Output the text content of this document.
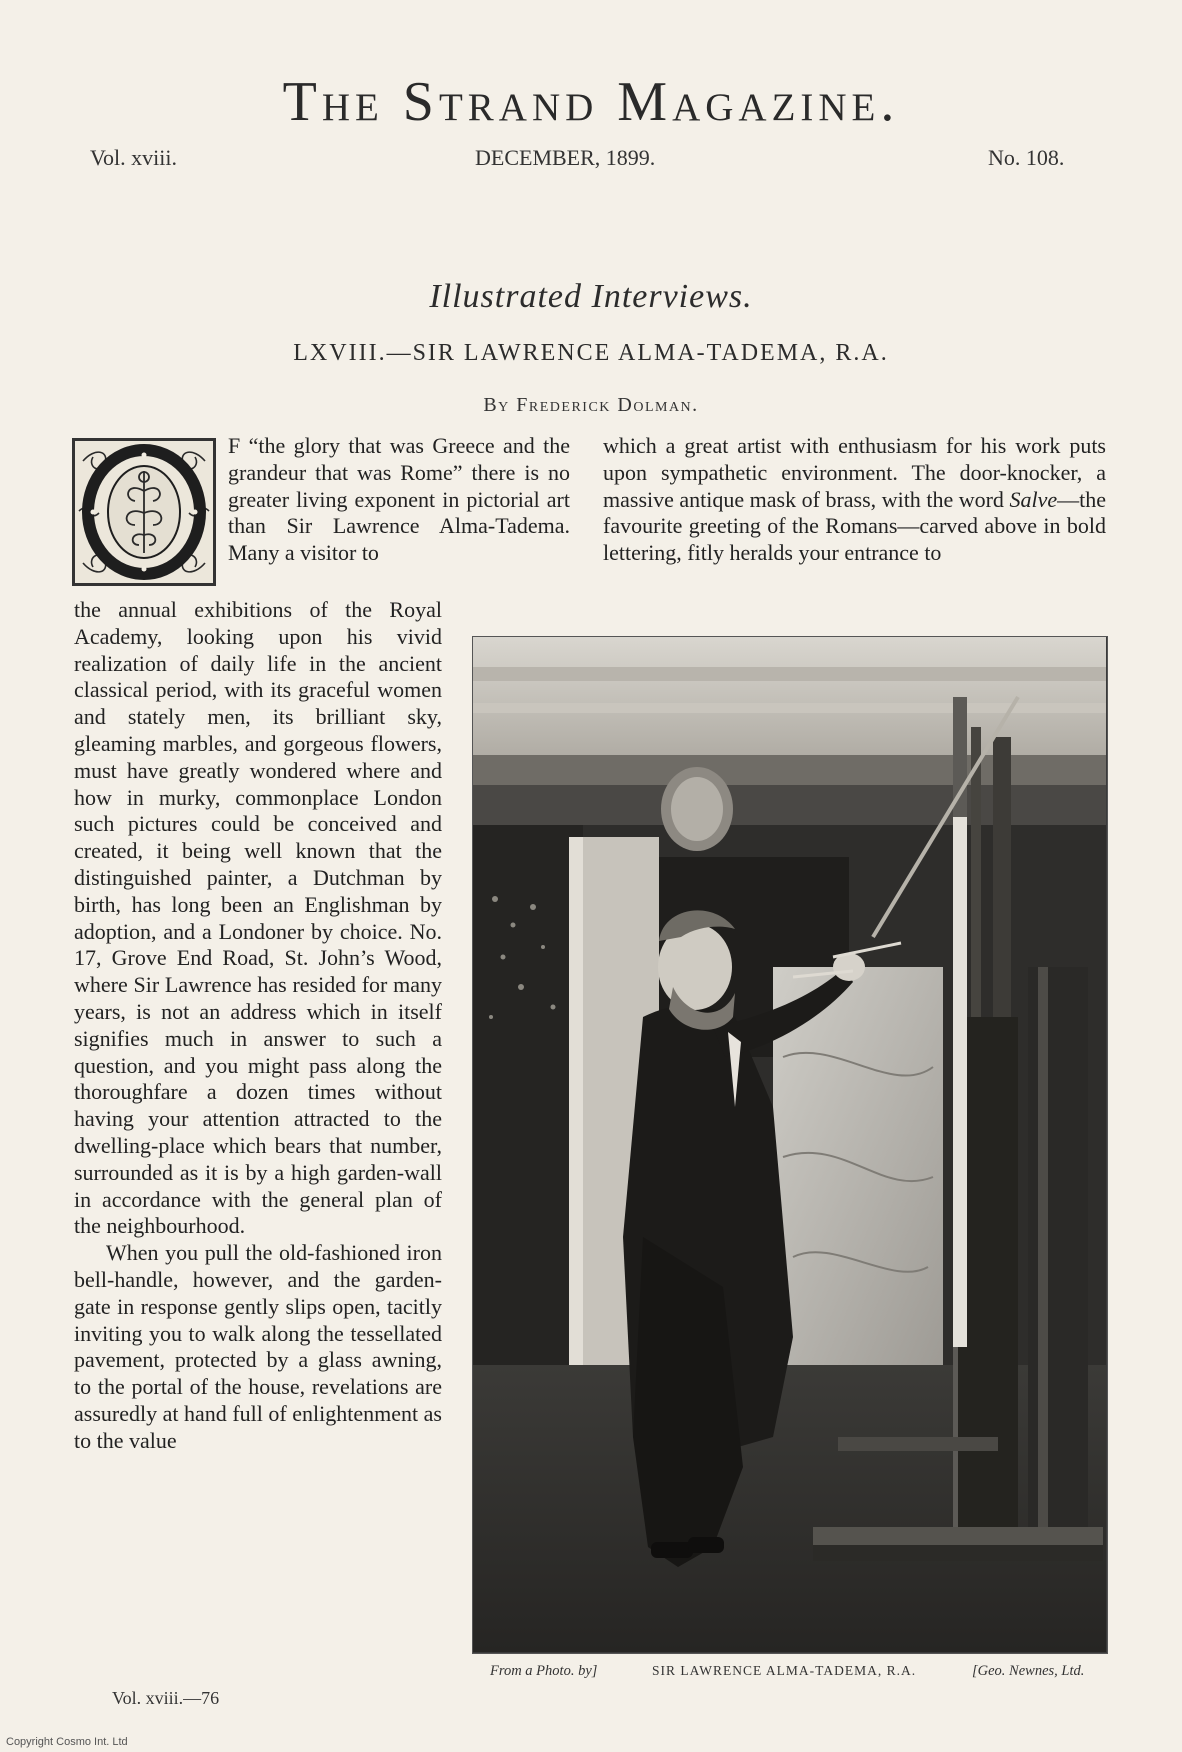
The Strand Magazine.
Vol. xviii.	DECEMBER, 1899.	No. 108.
Illustrated Interviews.
LXVIII.—SIR LAWRENCE ALMA-TADEMA, R.A.
By Frederick Dolman.

F “the glory that was Greece and the grandeur that was Rome” there is no greater living exponent in pictorial art than Sir Lawrence Alma-Tadema. Many a visitor to

the annual exhibitions of the Royal Academy, looking upon his vivid realization of daily life in the ancient classical period, with its graceful women and stately men, its brilliant sky, gleaming marbles, and gorgeous flowers, must have greatly wondered where and how in murky, commonplace London such pictures could be conceived and created, it being well known that the distinguished painter, a Dutchman by birth, has long been an Englishman by adoption, and a Londoner by choice. No. 17, Grove End Road, St. John’s Wood, where Sir Lawrence has resided for many years, is not an address which in itself signifies much in answer to such a question, and you might pass along the thoroughfare a dozen times without having your attention attracted to the dwelling-place which bears that number, surrounded as it is by a high garden-wall in accordance with the general plan of the neighbourhood.

When you pull the old-fashioned iron bell-handle, however, and the garden-gate in response gently slips open, tacitly inviting you to walk along the tessellated pavement, protected by a glass awning, to the portal of the house, revelations are assuredly at hand full of enlightenment as to the value

which a great artist with enthusiasm for his work puts upon sympathetic environment. The door-knocker, a massive antique mask of brass, with the word Salve—the favourite greeting of the Romans—carved above in bold lettering, fitly heralds your entrance to

From a Photo. by]	SIR LAWRENCE ALMA-TADEMA, R.A.	[Geo. Newnes, Ltd.
Vol. xviii.—76
Copyright Cosmo Int. Ltd
